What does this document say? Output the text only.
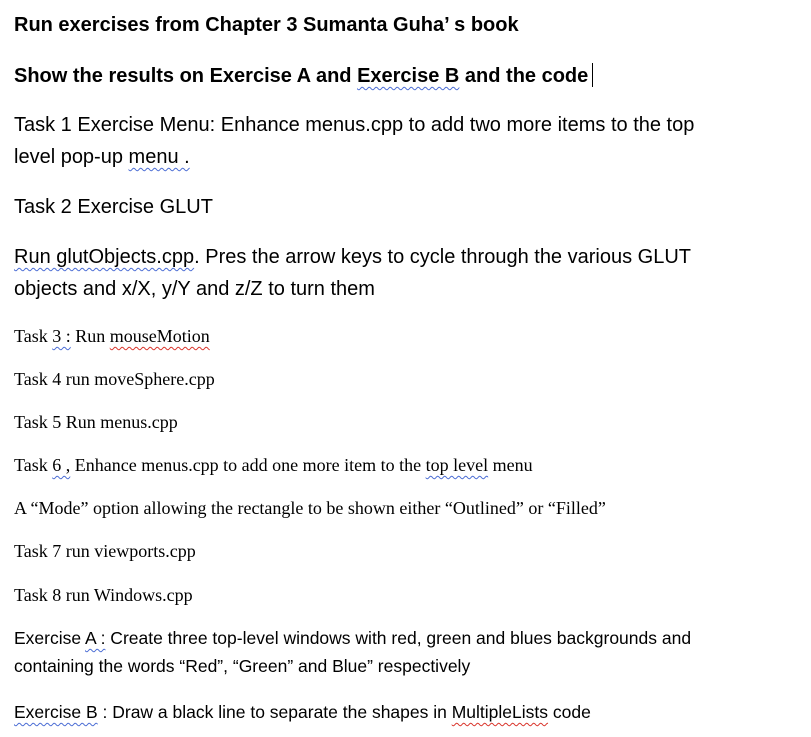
Run exercises from Chapter 3 Sumanta Guha’ s book

Show the results on Exercise A and Exercise B and the code

Task 1 Exercise Menu: Enhance menus.cpp to add two more items to the top

level pop-up menu .

Task 2 Exercise GLUT

Run glutObjects.cpp. Pres the arrow keys to cycle through the various GLUT

objects and x/X, y/Y and z/Z to turn them

Task 3 : Run mouseMotion

Task 4 run moveSphere.cpp

Task 5 Run menus.cpp

Task 6 , Enhance menus.cpp to add one more item to the top level menu

A “Mode” option allowing the rectangle to be shown either “Outlined” or “Filled”

Task 7 run viewports.cpp

Task 8 run Windows.cpp

Exercise A : Create three top-level windows with red, green and blues backgrounds and

containing the words “Red”, “Green” and Blue” respectively

Exercise B : Draw a black line to separate the shapes in MultipleLists code
